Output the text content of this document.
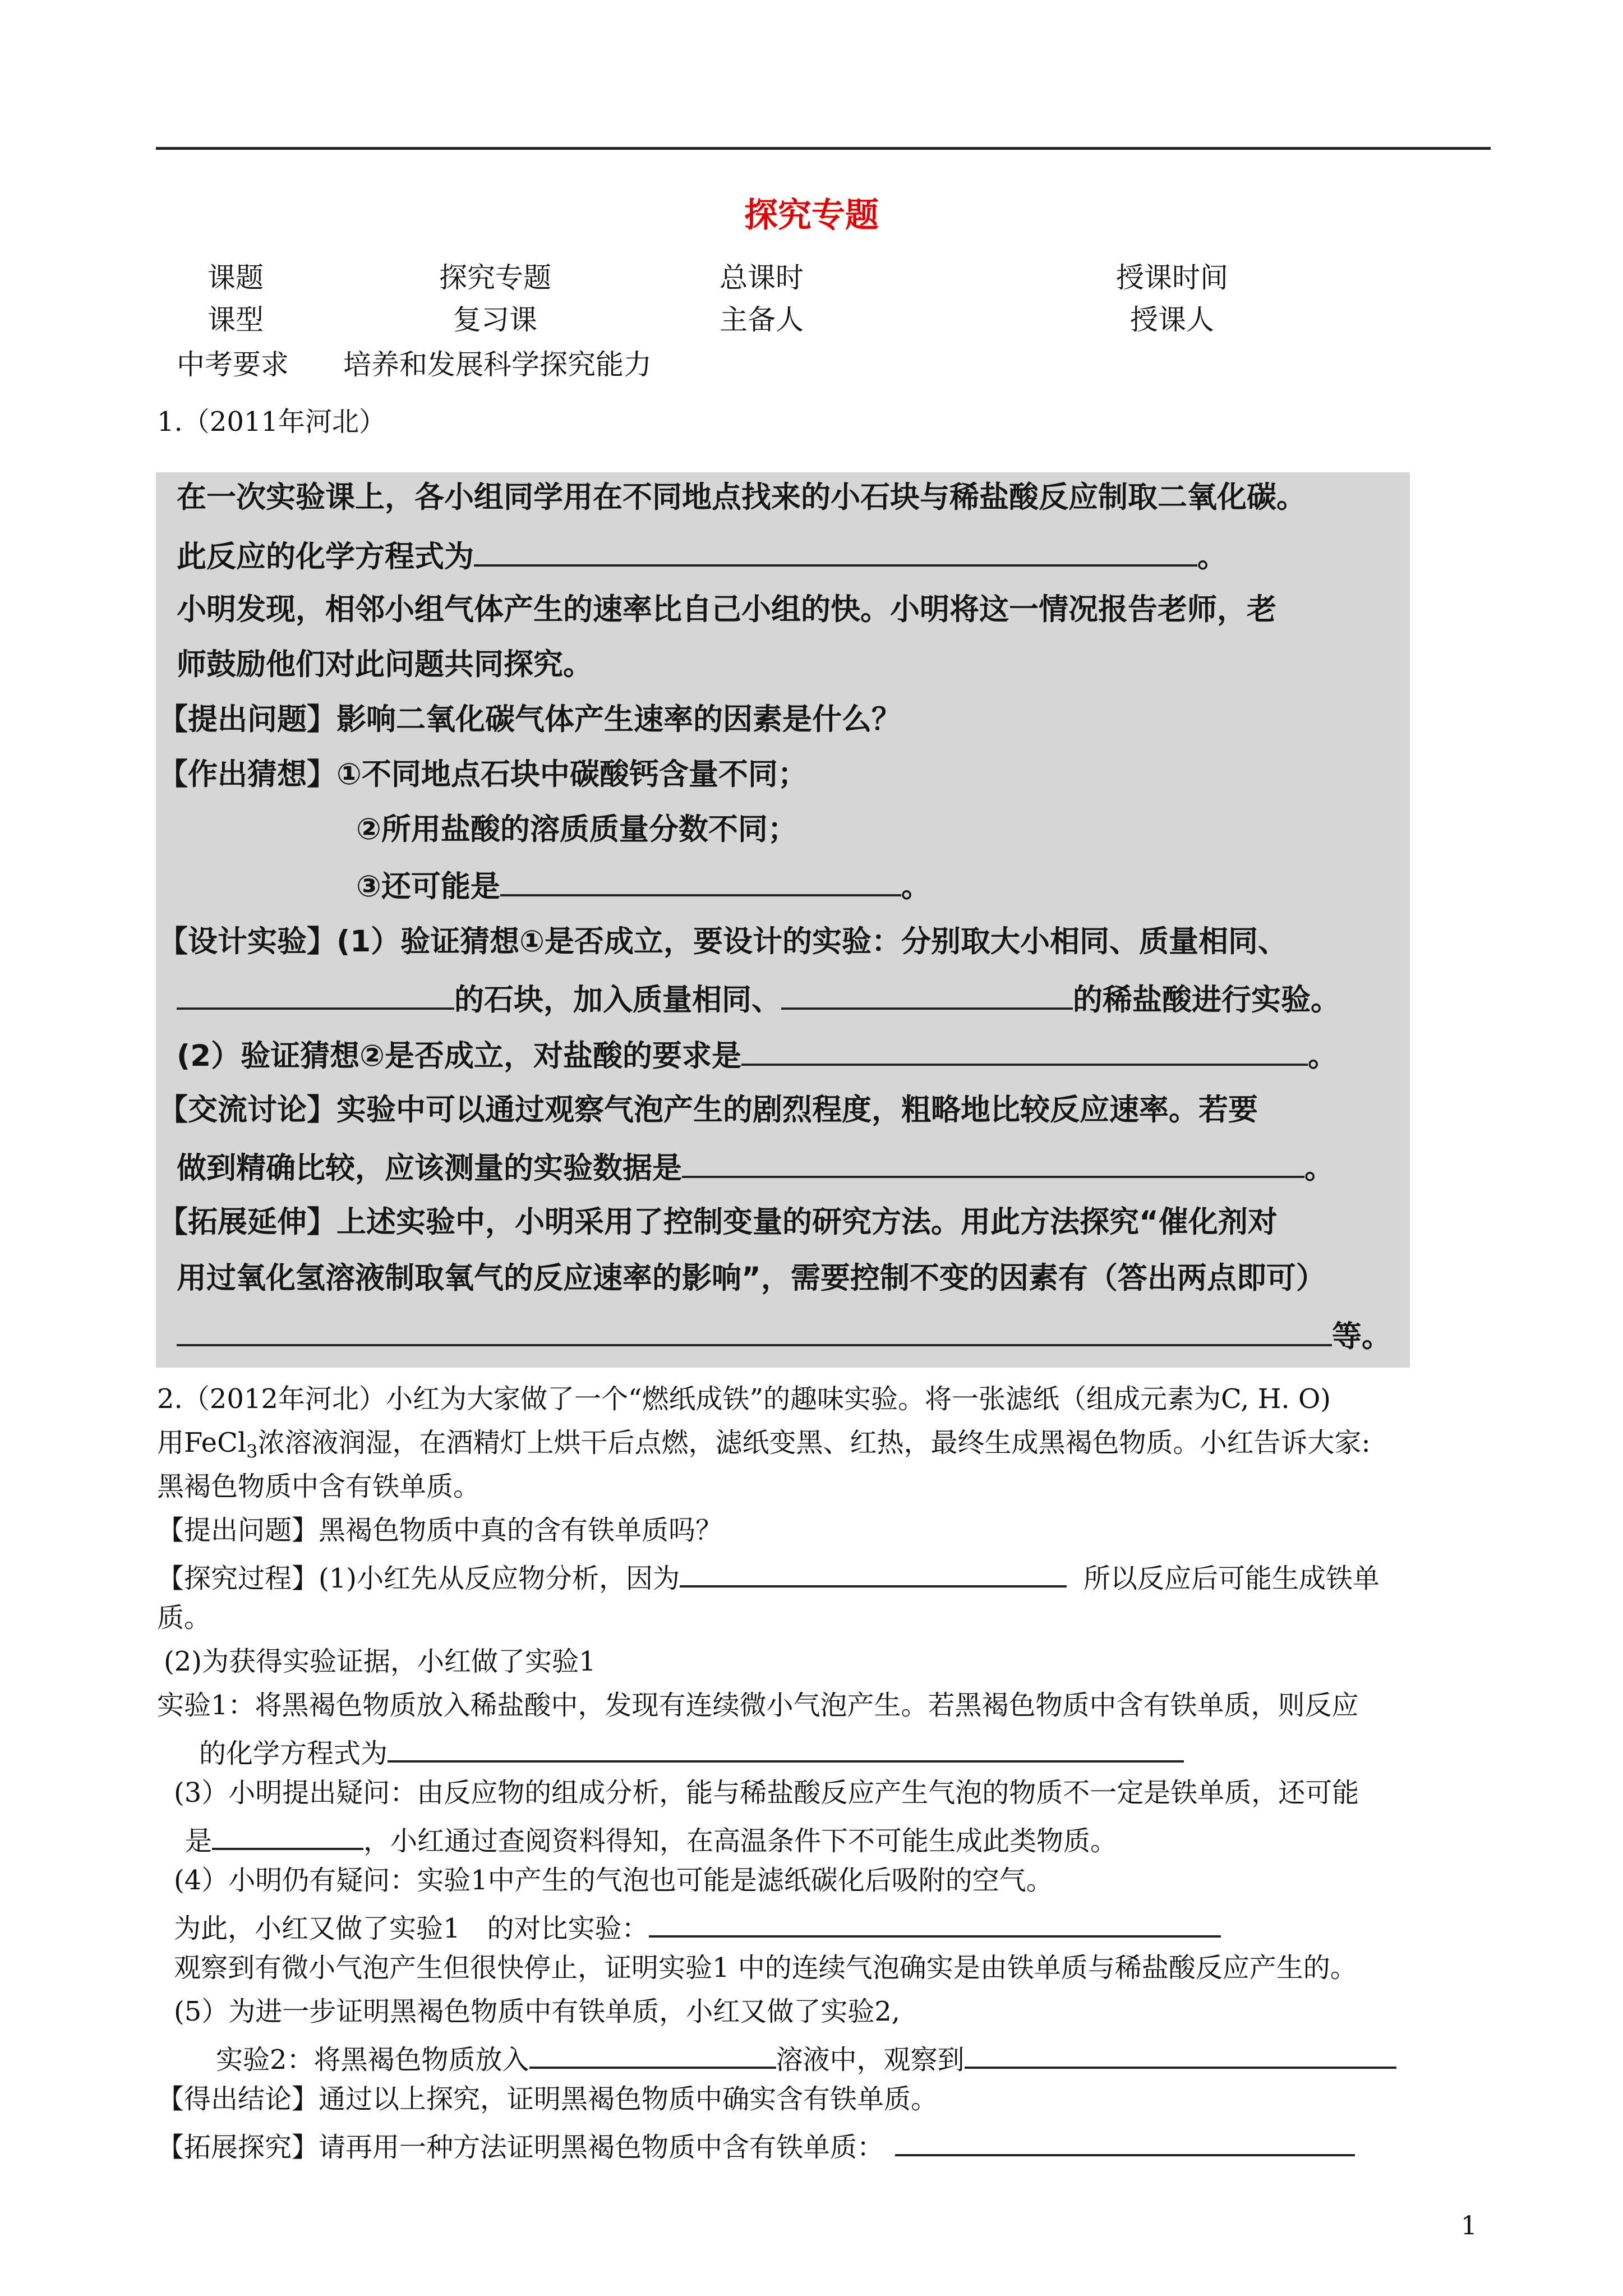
探究专题
课题	探究专题	总课时	授课时间
课型	复习课	主备人	授课人
中考要求 培养和发展科学探究能力
1.（2011年河北）
在一次实验课上，各小组同学用在不同地点找来的小石块与稀盐酸反应制取二氧化碳。
此反应的化学方程式为	。
小明发现，相邻小组气体产生的速率比自己小组的快。小明将这一情况报告老师，老
师鼓励他们对此问题共同探究。
【提出问题】影响二氧化碳气体产生速率的因素是什么？
【作出猜想】①不同地点石块中碳酸钙含量不同；
②所用盐酸的溶质质量分数不同；
③还可能是	。
【设计实验】(1）验证猜想①是否成立，要设计的实验：分别取大小相同、质量相同、
的石块，加入质量相同、	的稀盐酸进行实验。
(2）验证猜想②是否成立，对盐酸的要求是	。
【交流讨论】实验中可以通过观察气泡产生的剧烈程度，粗略地比较反应速率。若要
做到精确比较，应该测量的实验数据是	。
【拓展延伸】上述实验中，小明采用了控制变量的研究方法。用此方法探究“催化剂对
用过氧化氢溶液制取氧气的反应速率的影响”，需要控制不变的因素有（答出两点即可）
等。
2.（2012年河北）小红为大家做了一个“燃纸成铁”的趣味实验。将一张滤纸（组成元素为C, H. O)
用FeCl$_3$浓溶液润湿，在酒精灯上烘干后点燃，滤纸变黑、红热，最终生成黑褐色物质。小红告诉大家:
黑褐色物质中含有铁单质。
【提出问题】黑褐色物质中真的含有铁单质吗？
【探究过程】(1)小红先从反应物分析，因为	所以反应后可能生成铁单
质。
(2)为获得实验证据，小红做了实验1
实验1：将黑褐色物质放入稀盐酸中，发现有连续微小气泡产生。若黑褐色物质中含有铁单质，则反应
的化学方程式为
(3）小明提出疑问：由反应物的组成分析，能与稀盐酸反应产生气泡的物质不一定是铁单质，还可能
是	，小红通过查阅资料得知，在高温条件下不可能生成此类物质。
(4）小明仍有疑问：实验1中产生的气泡也可能是滤纸碳化后吸附的空气。
为此，小红又做了实验1　的对比实验：
观察到有微小气泡产生但很快停止，证明实验1 中的连续气泡确实是由铁单质与稀盐酸反应产生的。
(5）为进一步证明黑褐色物质中有铁单质，小红又做了实验2,
实验2：将黑褐色物质放入	溶液中，观察到
【得出结论】通过以上探究，证明黑褐色物质中确实含有铁单质。
【拓展探究】请再用一种方法证明黑褐色物质中含有铁单质：
1
